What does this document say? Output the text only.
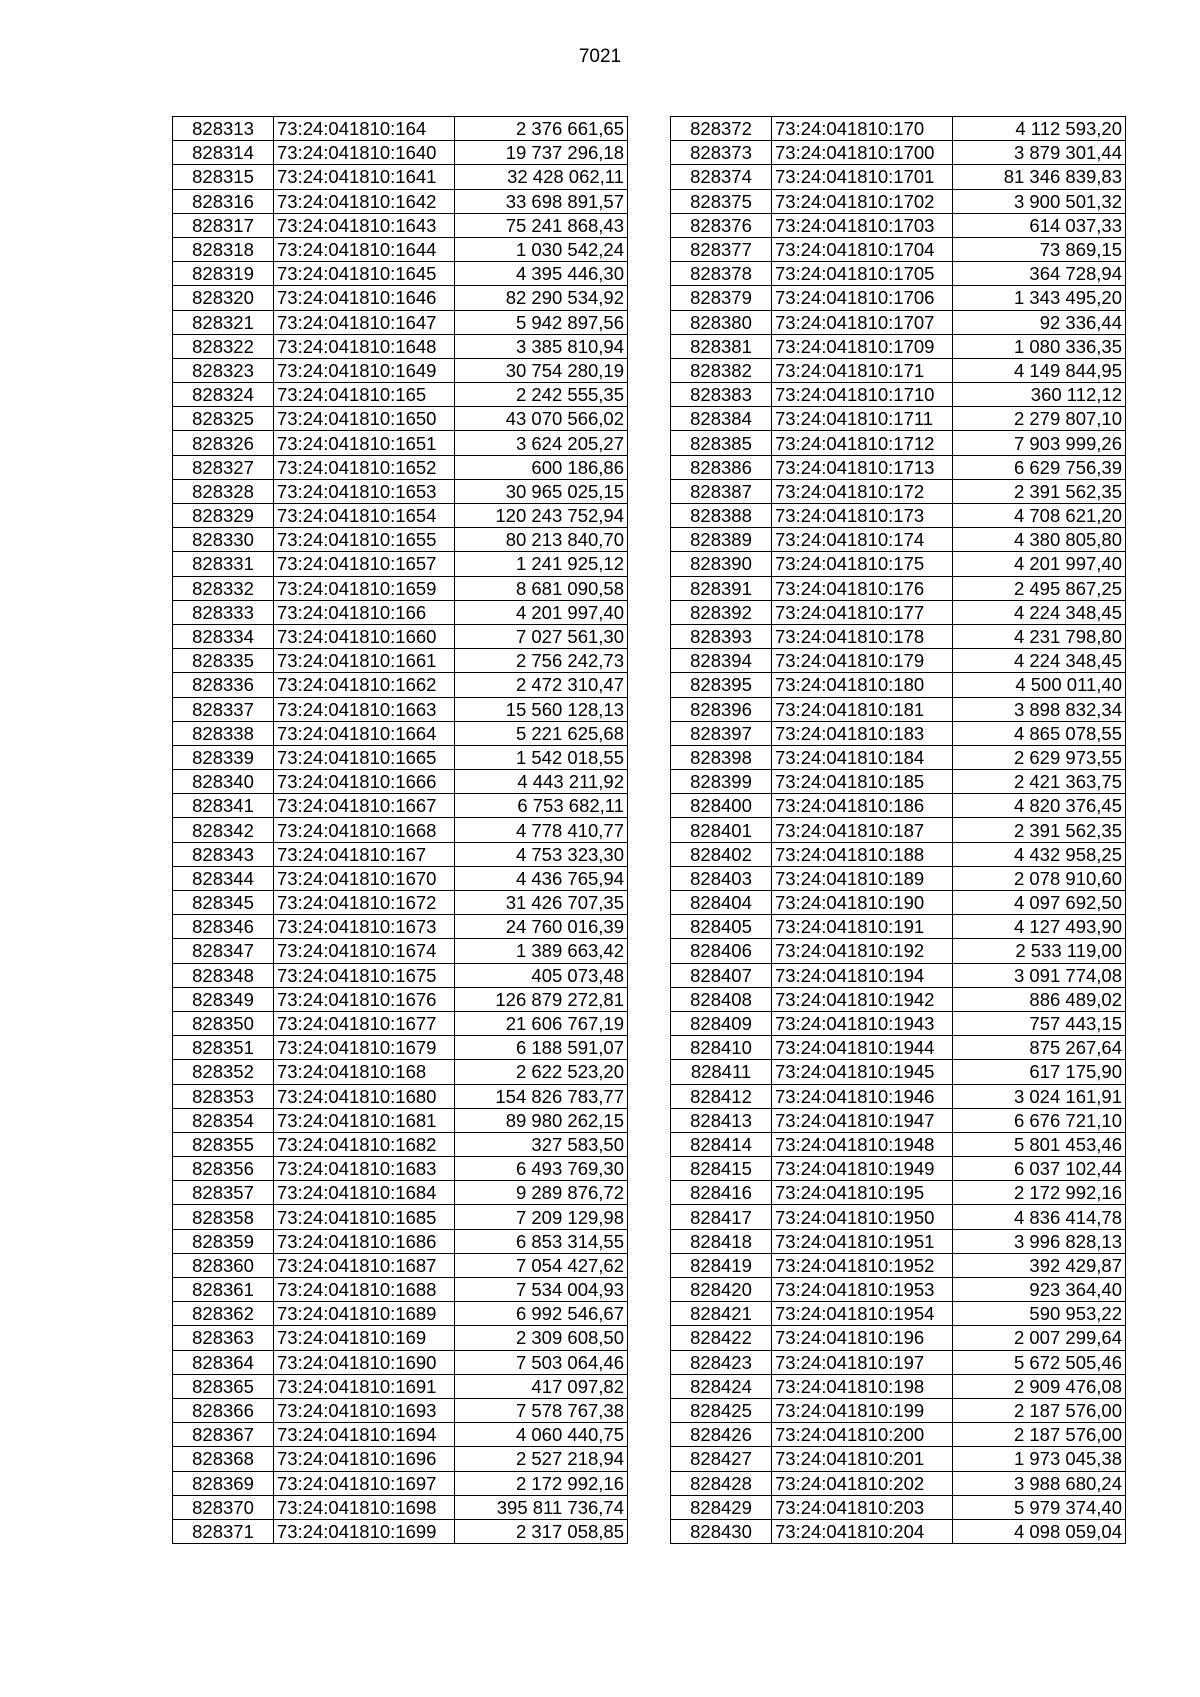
7021
828313	73:24:041810:164	2 376 661,65
828314	73:24:041810:1640	19 737 296,18
828315	73:24:041810:1641	32 428 062,11
828316	73:24:041810:1642	33 698 891,57
828317	73:24:041810:1643	75 241 868,43
828318	73:24:041810:1644	1 030 542,24
828319	73:24:041810:1645	4 395 446,30
828320	73:24:041810:1646	82 290 534,92
828321	73:24:041810:1647	5 942 897,56
828322	73:24:041810:1648	3 385 810,94
828323	73:24:041810:1649	30 754 280,19
828324	73:24:041810:165	2 242 555,35
828325	73:24:041810:1650	43 070 566,02
828326	73:24:041810:1651	3 624 205,27
828327	73:24:041810:1652	600 186,86
828328	73:24:041810:1653	30 965 025,15
828329	73:24:041810:1654	120 243 752,94
828330	73:24:041810:1655	80 213 840,70
828331	73:24:041810:1657	1 241 925,12
828332	73:24:041810:1659	8 681 090,58
828333	73:24:041810:166	4 201 997,40
828334	73:24:041810:1660	7 027 561,30
828335	73:24:041810:1661	2 756 242,73
828336	73:24:041810:1662	2 472 310,47
828337	73:24:041810:1663	15 560 128,13
828338	73:24:041810:1664	5 221 625,68
828339	73:24:041810:1665	1 542 018,55
828340	73:24:041810:1666	4 443 211,92
828341	73:24:041810:1667	6 753 682,11
828342	73:24:041810:1668	4 778 410,77
828343	73:24:041810:167	4 753 323,30
828344	73:24:041810:1670	4 436 765,94
828345	73:24:041810:1672	31 426 707,35
828346	73:24:041810:1673	24 760 016,39
828347	73:24:041810:1674	1 389 663,42
828348	73:24:041810:1675	405 073,48
828349	73:24:041810:1676	126 879 272,81
828350	73:24:041810:1677	21 606 767,19
828351	73:24:041810:1679	6 188 591,07
828352	73:24:041810:168	2 622 523,20
828353	73:24:041810:1680	154 826 783,77
828354	73:24:041810:1681	89 980 262,15
828355	73:24:041810:1682	327 583,50
828356	73:24:041810:1683	6 493 769,30
828357	73:24:041810:1684	9 289 876,72
828358	73:24:041810:1685	7 209 129,98
828359	73:24:041810:1686	6 853 314,55
828360	73:24:041810:1687	7 054 427,62
828361	73:24:041810:1688	7 534 004,93
828362	73:24:041810:1689	6 992 546,67
828363	73:24:041810:169	2 309 608,50
828364	73:24:041810:1690	7 503 064,46
828365	73:24:041810:1691	417 097,82
828366	73:24:041810:1693	7 578 767,38
828367	73:24:041810:1694	4 060 440,75
828368	73:24:041810:1696	2 527 218,94
828369	73:24:041810:1697	2 172 992,16
828370	73:24:041810:1698	395 811 736,74
828371	73:24:041810:1699	2 317 058,85
828372	73:24:041810:170	4 112 593,20
828373	73:24:041810:1700	3 879 301,44
828374	73:24:041810:1701	81 346 839,83
828375	73:24:041810:1702	3 900 501,32
828376	73:24:041810:1703	614 037,33
828377	73:24:041810:1704	73 869,15
828378	73:24:041810:1705	364 728,94
828379	73:24:041810:1706	1 343 495,20
828380	73:24:041810:1707	92 336,44
828381	73:24:041810:1709	1 080 336,35
828382	73:24:041810:171	4 149 844,95
828383	73:24:041810:1710	360 112,12
828384	73:24:041810:1711	2 279 807,10
828385	73:24:041810:1712	7 903 999,26
828386	73:24:041810:1713	6 629 756,39
828387	73:24:041810:172	2 391 562,35
828388	73:24:041810:173	4 708 621,20
828389	73:24:041810:174	4 380 805,80
828390	73:24:041810:175	4 201 997,40
828391	73:24:041810:176	2 495 867,25
828392	73:24:041810:177	4 224 348,45
828393	73:24:041810:178	4 231 798,80
828394	73:24:041810:179	4 224 348,45
828395	73:24:041810:180	4 500 011,40
828396	73:24:041810:181	3 898 832,34
828397	73:24:041810:183	4 865 078,55
828398	73:24:041810:184	2 629 973,55
828399	73:24:041810:185	2 421 363,75
828400	73:24:041810:186	4 820 376,45
828401	73:24:041810:187	2 391 562,35
828402	73:24:041810:188	4 432 958,25
828403	73:24:041810:189	2 078 910,60
828404	73:24:041810:190	4 097 692,50
828405	73:24:041810:191	4 127 493,90
828406	73:24:041810:192	2 533 119,00
828407	73:24:041810:194	3 091 774,08
828408	73:24:041810:1942	886 489,02
828409	73:24:041810:1943	757 443,15
828410	73:24:041810:1944	875 267,64
828411	73:24:041810:1945	617 175,90
828412	73:24:041810:1946	3 024 161,91
828413	73:24:041810:1947	6 676 721,10
828414	73:24:041810:1948	5 801 453,46
828415	73:24:041810:1949	6 037 102,44
828416	73:24:041810:195	2 172 992,16
828417	73:24:041810:1950	4 836 414,78
828418	73:24:041810:1951	3 996 828,13
828419	73:24:041810:1952	392 429,87
828420	73:24:041810:1953	923 364,40
828421	73:24:041810:1954	590 953,22
828422	73:24:041810:196	2 007 299,64
828423	73:24:041810:197	5 672 505,46
828424	73:24:041810:198	2 909 476,08
828425	73:24:041810:199	2 187 576,00
828426	73:24:041810:200	2 187 576,00
828427	73:24:041810:201	1 973 045,38
828428	73:24:041810:202	3 988 680,24
828429	73:24:041810:203	5 979 374,40
828430	73:24:041810:204	4 098 059,04
